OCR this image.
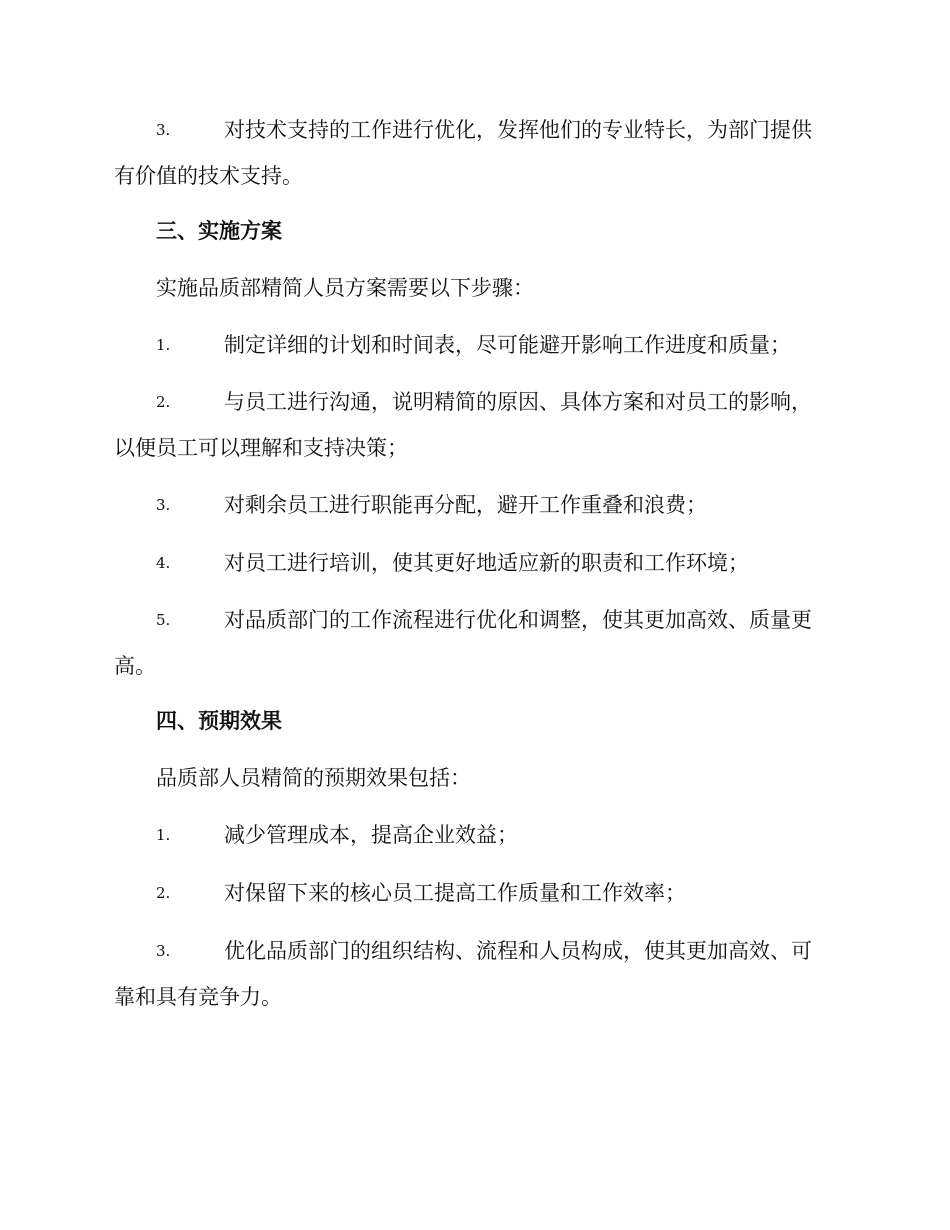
3.	对技术支持的工作进行优化，发挥他们的专业特长，为部门提供
有价值的技术支持。
三、实施方案
实施品质部精简人员方案需要以下步骤：
1.	制定详细的计划和时间表，尽可能避开影响工作进度和质量；
2.	与员工进行沟通，说明精简的原因、具体方案和对员工的影响，
以便员工可以理解和支持决策；
3.	对剩余员工进行职能再分配，避开工作重叠和浪费；
4.	对员工进行培训，使其更好地适应新的职责和工作环境；
5.	对品质部门的工作流程进行优化和调整，使其更加高效、质量更
高。
四、预期效果
品质部人员精简的预期效果包括：
1.	减少管理成本，提高企业效益；
2.	对保留下来的核心员工提高工作质量和工作效率；
3.	优化品质部门的组织结构、流程和人员构成，使其更加高效、可
靠和具有竞争力。
